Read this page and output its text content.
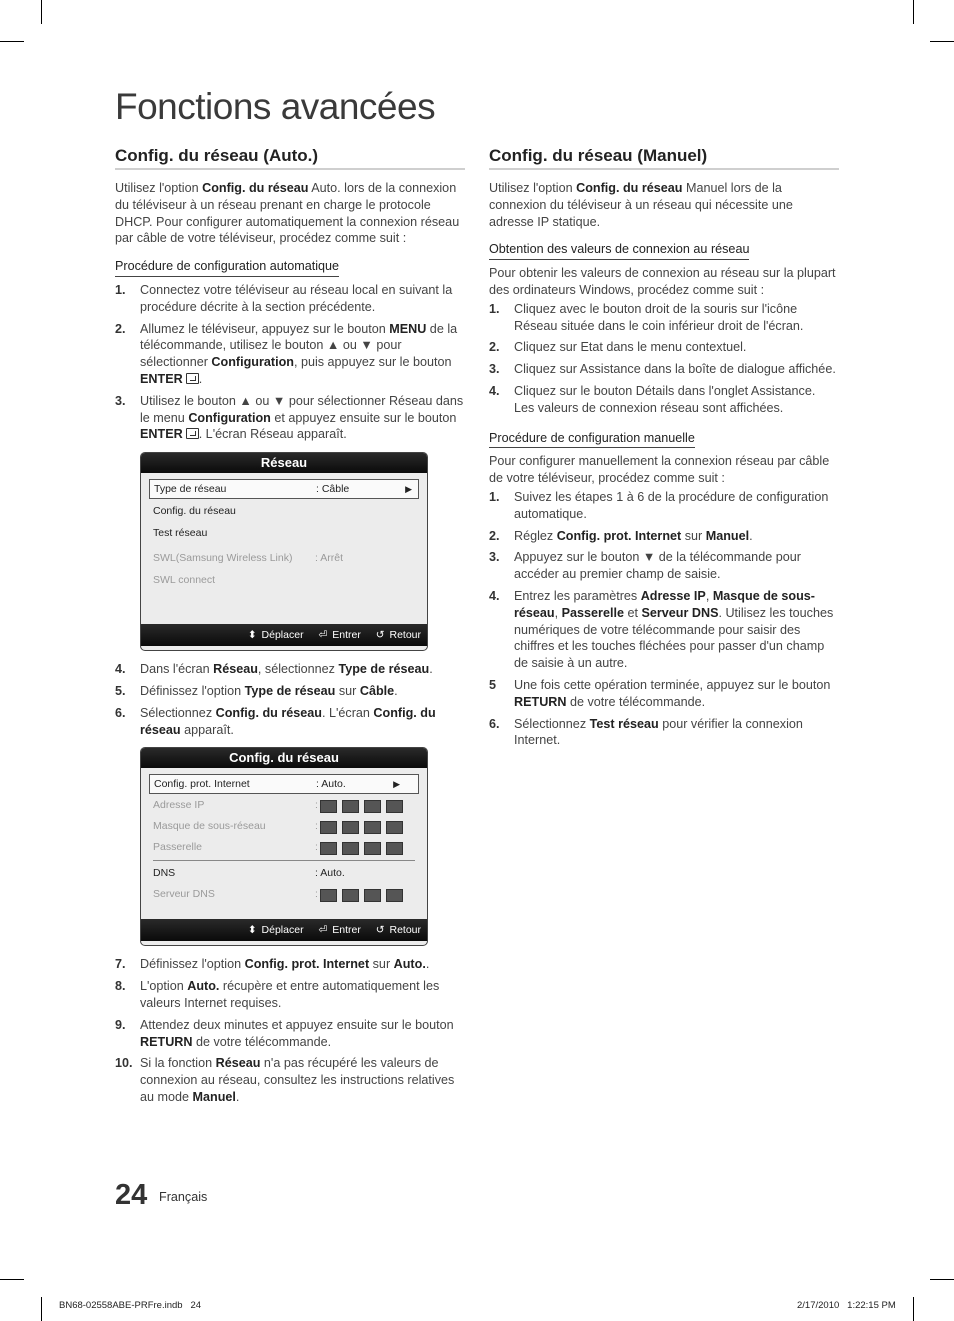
Fonctions avancées
Config. du réseau (Auto.)

Utilisez l'option Config. du réseau Auto. lors de la connexion du téléviseur à un réseau prenant en charge le protocole DHCP. Pour configurer automatiquement la connexion réseau par câble de votre téléviseur, procédez comme suit :

Procédure de configuration automatique
1. Connectez votre téléviseur au réseau local en suivant la procédure décrite à la section précédente.
2. Allumez le téléviseur, appuyez sur le bouton MENU de la télécommande, utilisez le bouton ▲ ou ▼ pour sélectionner Configuration, puis appuyez sur le bouton ENTER .
3. Utilisez le bouton ▲ ou ▼ pour sélectionner Réseau dans le menu Configuration et appuyez ensuite sur le bouton ENTER . L'écran Réseau apparaît.
Réseau
Type de réseau	: Câble	▶
Config. du réseau
Test réseau
SWL(Samsung Wireless Link) : Arrêt
SWL connect
⬍ Déplacer ⏎ Entrer ↺ Retour
4. Dans l'écran Réseau, sélectionnez Type de réseau.
5. Définissez l'option Type de réseau sur Câble.
6. Sélectionnez Config. du réseau. L'écran Config. du réseau apparaît.
Config. du réseau
Config. prot. Internet	: Auto.	▶
Adresse IP	:
Masque de sous-réseau	:
Passerelle	:
DNS	: Auto.
Serveur DNS	:
⬍ Déplacer ⏎ Entrer ↺ Retour
7. Définissez l'option Config. prot. Internet sur Auto..
8. L'option Auto. récupère et entre automatiquement les valeurs Internet requises.
9. Attendez deux minutes et appuyez ensuite sur le bouton RETURN de votre télécommande.
10. Si la fonction Réseau n'a pas récupéré les valeurs de connexion au réseau, consultez les instructions relatives au mode Manuel.
Config. du réseau (Manuel)

Utilisez l'option Config. du réseau Manuel lors de la connexion du téléviseur à un réseau qui nécessite une adresse IP statique.

Obtention des valeurs de connexion au réseau

Pour obtenir les valeurs de connexion au réseau sur la plupart des ordinateurs Windows, procédez comme suit :

1. Cliquez avec le bouton droit de la souris sur l'icône Réseau située dans le coin inférieur droit de l'écran.
2. Cliquez sur Etat dans le menu contextuel.
3. Cliquez sur Assistance dans la boîte de dialogue affichée.
4. Cliquez sur le bouton Détails dans l'onglet Assistance. Les valeurs de connexion réseau sont affichées.
Procédure de configuration manuelle

Pour configurer manuellement la connexion réseau par câble de votre téléviseur, procédez comme suit :

1. Suivez les étapes 1 à 6 de la procédure de configuration automatique.
2. Réglez Config. prot. Internet sur Manuel.
3. Appuyez sur le bouton ▼ de la télécommande pour accéder au premier champ de saisie.
4. Entrez les paramètres Adresse IP, Masque de sous-réseau, Passerelle et Serveur DNS. Utilisez les touches numériques de votre télécommande pour saisir des chiffres et les touches fléchées pour passer d'un champ de saisie à un autre.
5 Une fois cette opération terminée, appuyez sur le bouton RETURN de votre télécommande.
6. Sélectionnez Test réseau pour vérifier la connexion Internet.
24 Français
BN68-02558ABE-PRFre.indb   24	2/17/2010   1:22:15 PM
